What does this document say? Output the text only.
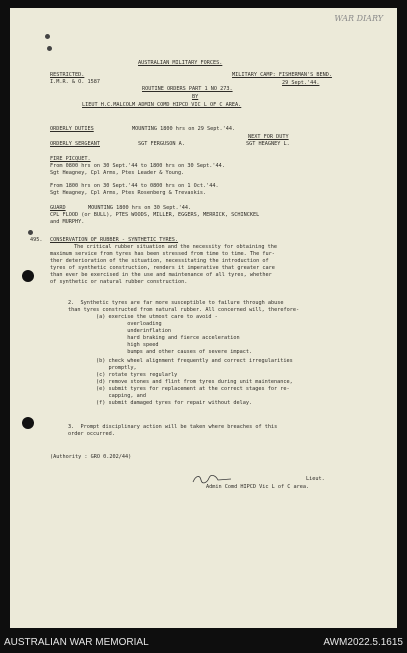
WAR DIARY
AUSTRALIAN MILITARY FORCES.
RESTRICTED.
I.M.R. & O. 1587
MILITARY CAMP: FISHERMAN'S BEND.
ROUTINE ORDERS PART 1 NO 273.
29 Sept.'44.
BY
LIEUT H.C.MALCOLM ADMIN COMD HIPCD VIC L OF C AREA.
ORDERLY DUTIES	MOUNTING 1800 hrs on 29 Sept.'44.
NEXT FOR DUTY
ORDERLY SERGEANT	SGT FERGUSON A.	SGT HEAGNEY L.
FIRE PICQUET.
From 0800 hrs on 30 Sept.'44 to 1800 hrs on 30 Sept.'44.
Sgt Heagney, Cpl Arms, Ptes Leader & Young.
From 1800 hrs on 30 Sept.'44 to 0800 hrs on 1 Oct.'44.
Sgt Heagney, Cpl Arms, Ptes Rosenberg & Trevaskis.
GUARD	MOUNTING 1800 hrs on 30 Sept.'44.
CPL FLOOD (or BULL), PTES WOODS, MILLER, EGGERS, MERRICK, SCHINCKEL
and MURPHY.
495. CONSERVATION OF RUBBER - SYNTHETIC TYRES.
The critical rubber situation and the necessity for obtaining the
maximum service from tyres has been stressed from time to time. The fur-
ther deterioration of the situation, necessitating the introduction of
tyres of synthetic construction, renders it imperative that greater care
than ever be exercised in the use and maintenance of all tyres, whether
of synthetic or natural rubber construction.
2.  Synthetic tyres are far more susceptible to failure through abuse
than tyres constructed from natural rubber. All concerned will, therefore-
(a) exercise the utmost care to avoid -
overloading
underinflation
hard braking and fierce acceleration
high speed
bumps and other causes of severe impact.
(b) check wheel alignment frequently and correct irregularities
promptly,
(c) rotate tyres regularly
(d) remove stones and flint from tyres during unit maintenance,
(e) submit tyres for replacement at the correct stages for re-
capping, and
(f) submit damaged tyres for repair without delay.
3.  Prompt disciplinary action will be taken where breaches of this
order occurred.
(Authority : GRO 0.202/44)
Lieut.
Admin Comd HIPCD Vic L of C area.
AUSTRALIAN WAR MEMORIAL	AWM2022.5.1615
